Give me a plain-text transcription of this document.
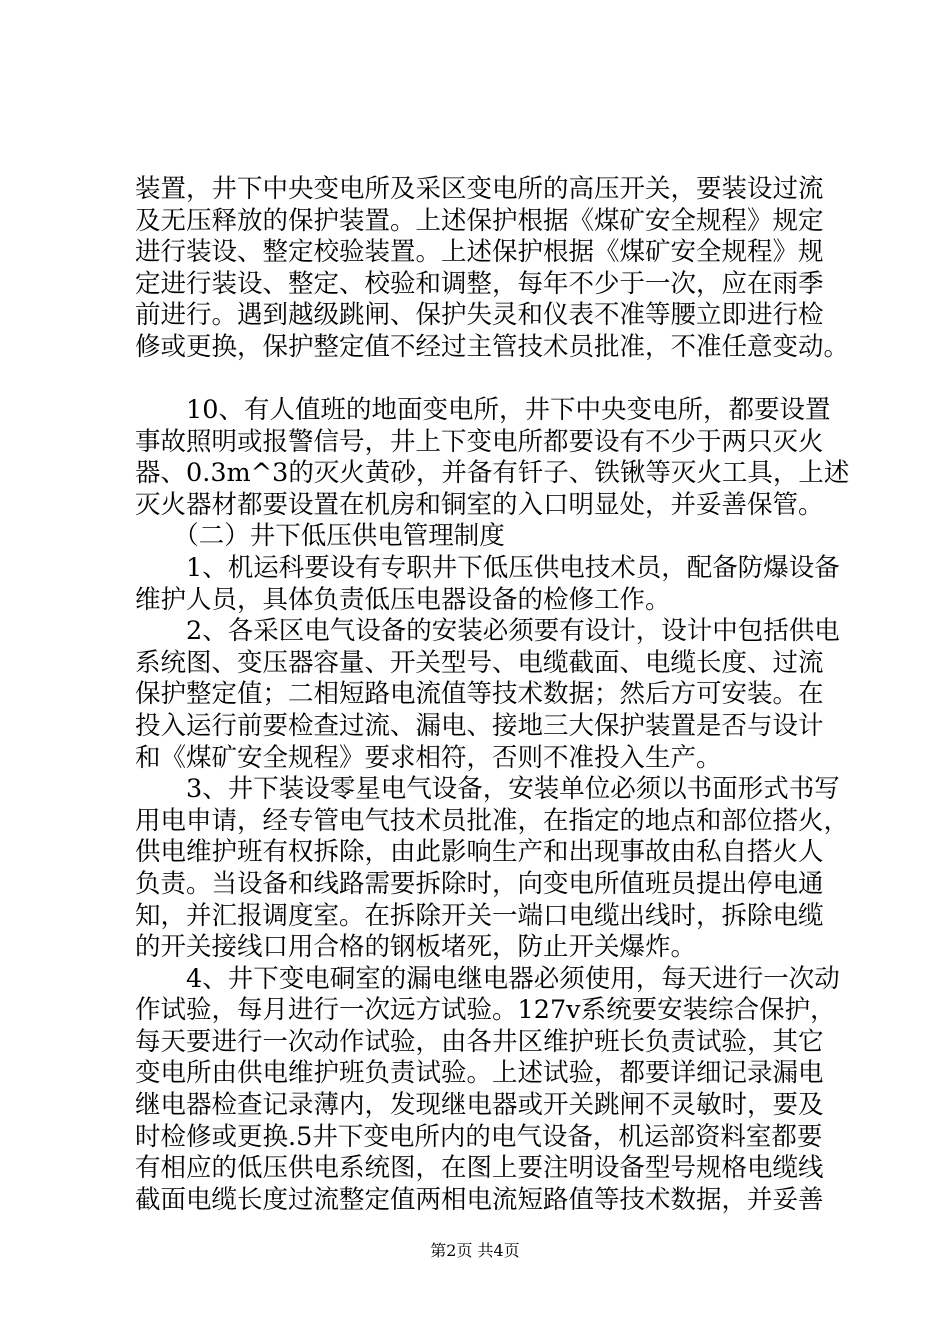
装置，井下中央变电所及采区变电所的高压开关，要装设过流
及无压释放的保护装置。上述保护根据《煤矿安全规程》规定
进行装设、整定校验装置。上述保护根据《煤矿安全规程》规
定进行装设、整定、校验和调整，每年不少于一次，应在雨季
前进行。遇到越级跳闸、保护失灵和仪表不准等腰立即进行检
修或更换，保护整定值不经过主管技术员批准，不准任意变动。
　　10、有人值班的地面变电所，井下中央变电所，都要设置
事故照明或报警信号，井上下变电所都要设有不少于两只灭火
器、0.3m^3的灭火黄砂，并备有钎子、铁锹等灭火工具，上述
灭火器材都要设置在机房和铜室的入口明显处，并妥善保管。
　　（二）井下低压供电管理制度
　　1、机运科要设有专职井下低压供电技术员，配备防爆设备
维护人员，具体负责低压电器设备的检修工作。
　　2、各采区电气设备的安装必须要有设计，设计中包括供电
系统图、变压器容量、开关型号、电缆截面、电缆长度、过流
保护整定值；二相短路电流值等技术数据；然后方可安装。在
投入运行前要检查过流、漏电、接地三大保护装置是否与设计
和《煤矿安全规程》要求相符，否则不准投入生产。
　　3、井下装设零星电气设备，安装单位必须以书面形式书写
用电申请，经专管电气技术员批准，在指定的地点和部位搭火，
供电维护班有权拆除，由此影响生产和出现事故由私自搭火人
负责。当设备和线路需要拆除时，向变电所值班员提出停电通
知，并汇报调度室。在拆除开关一端口电缆出线时，拆除电缆
的开关接线口用合格的钢板堵死，防止开关爆炸。
　　4、井下变电硐室的漏电继电器必须使用，每天进行一次动
作试验，每月进行一次远方试验。127v系统要安装综合保护，
每天要进行一次动作试验，由各井区维护班长负责试验，其它
变电所由供电维护班负责试验。上述试验，都要详细记录漏电
继电器检查记录薄内，发现继电器或开关跳闸不灵敏时，要及
时检修或更换.5井下变电所内的电气设备，机运部资料室都要
有相应的低压供电系统图，在图上要注明设备型号规格电缆线
截面电缆长度过流整定值两相电流短路值等技术数据，并妥善
第2页 共4页
